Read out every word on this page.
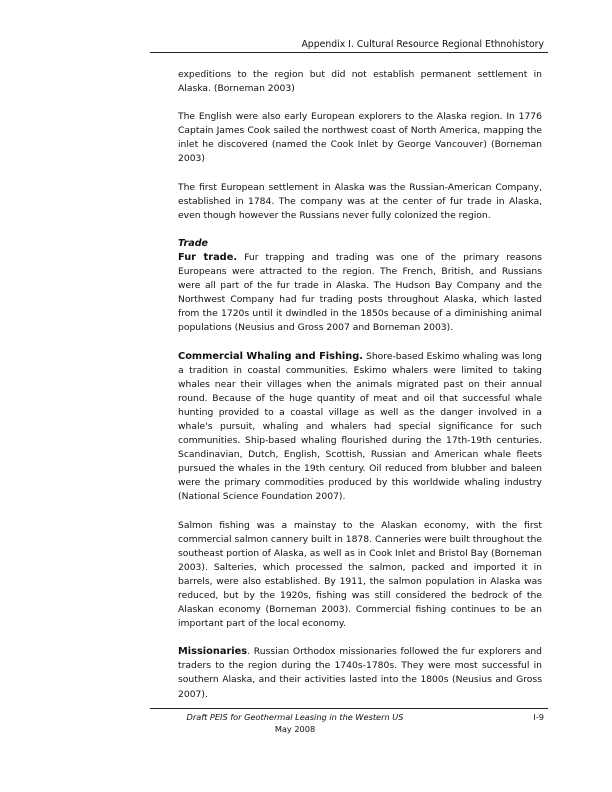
Appendix I. Cultural Resource Regional Ethnohistory

expeditions to the region but did not establish permanent settlement in Alaska. (Borneman 2003)

The English were also early European explorers to the Alaska region. In 1776 Captain James Cook sailed the northwest coast of North America, mapping the inlet he discovered (named the Cook Inlet by George Vancouver) (Borneman 2003)

The first European settlement in Alaska was the Russian-American Company, established in 1784. The company was at the center of fur trade in Alaska, even though however the Russians never fully colonized the region.

Trade

Fur trade. Fur trapping and trading was one of the primary reasons Europeans were attracted to the region. The French, British, and Russians were all part of the fur trade in Alaska. The Hudson Bay Company and the Northwest Company had fur trading posts throughout Alaska, which lasted from the 1720s until it dwindled in the 1850s because of a diminishing animal populations (Neusius and Gross 2007 and Borneman 2003).

Commercial Whaling and Fishing. Shore-based Eskimo whaling was long a tradition in coastal communities. Eskimo whalers were limited to taking whales near their villages when the animals migrated past on their annual round. Because of the huge quantity of meat and oil that successful whale hunting provided to a coastal village as well as the danger involved in a whale's pursuit, whaling and whalers had special significance for such communities. Ship-based whaling flourished during the 17th-19th centuries. Scandinavian, Dutch, English, Scottish, Russian and American whale fleets pursued the whales in the 19th century. Oil reduced from blubber and baleen were the primary commodities produced by this worldwide whaling industry (National Science Foundation 2007).

Salmon fishing was a mainstay to the Alaskan economy, with the first commercial salmon cannery built in 1878. Canneries were built throughout the southeast portion of Alaska, as well as in Cook Inlet and Bristol Bay (Borneman 2003). Salteries, which processed the salmon, packed and imported it in barrels, were also established. By 1911, the salmon population in Alaska was reduced, but by the 1920s, fishing was still considered the bedrock of the Alaskan economy (Borneman 2003). Commercial fishing continues to be an important part of the local economy.

Missionaries. Russian Orthodox missionaries followed the fur explorers and traders to the region during the 1740s-1780s. They were most successful in southern Alaska, and their activities lasted into the 1800s (Neusius and Gross 2007).

Draft PEIS for Geothermal Leasing in the Western US
May 2008
I-9
